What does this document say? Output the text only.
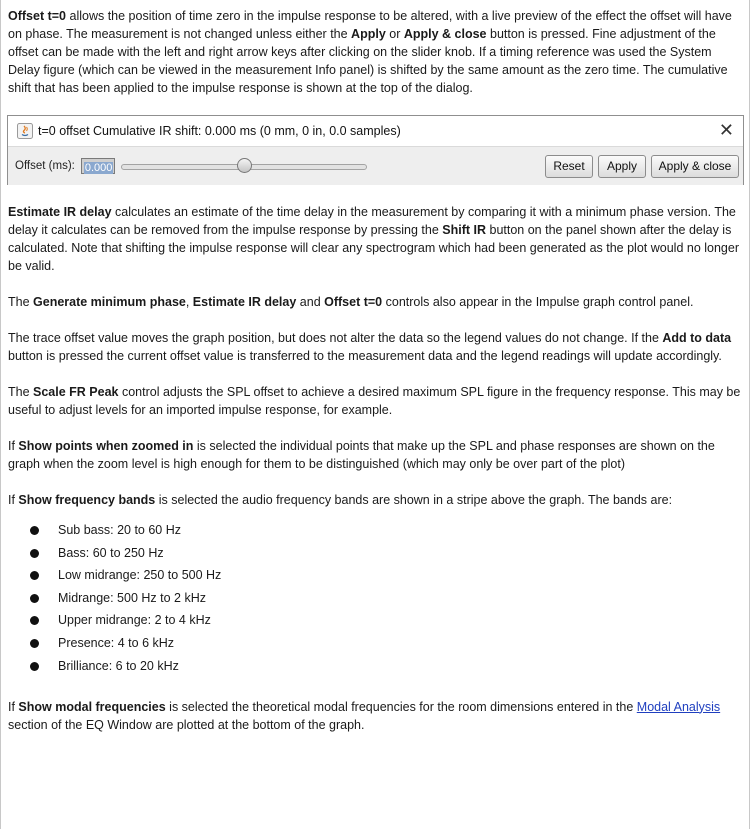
Offset t=0 allows the position of time zero in the impulse response to be altered, with a live preview of the effect the offset will have on phase. The measurement is not changed unless either the Apply or Apply & close button is pressed. Fine adjustment of the offset can be made with the left and right arrow keys after clicking on the slider knob. If a timing reference was used the System Delay figure (which can be viewed in the measurement Info panel) is shifted by the same amount as the zero time. The cumulative shift that has been applied to the impulse response is shown at the top of the dialog.

t=0 offset Cumulative IR shift: 0.000 ms (0 mm, 0 in, 0.0 samples)	✕
Offset (ms): 0.000	Reset	Apply	Apply & close

Estimate IR delay calculates an estimate of the time delay in the measurement by comparing it with a minimum phase version. The delay it calculates can be removed from the impulse response by pressing the Shift IR button on the panel shown after the delay is calculated. Note that shifting the impulse response will clear any spectrogram which had been generated as the plot would no longer be valid.

The Generate minimum phase, Estimate IR delay and Offset t=0 controls also appear in the Impulse graph control panel.

The trace offset value moves the graph position, but does not alter the data so the legend values do not change. If the Add to data button is pressed the current offset value is transferred to the measurement data and the legend readings will update accordingly.

The Scale FR Peak control adjusts the SPL offset to achieve a desired maximum SPL figure in the frequency response. This may be useful to adjust levels for an imported impulse response, for example.

If Show points when zoomed in is selected the individual points that make up the SPL and phase responses are shown on the graph when the zoom level is high enough for them to be distinguished (which may only be over part of the plot)

If Show frequency bands is selected the audio frequency bands are shown in a stripe above the graph. The bands are:

Sub bass: 20 to 60 Hz
Bass: 60 to 250 Hz
Low midrange: 250 to 500 Hz
Midrange: 500 Hz to 2 kHz
Upper midrange: 2 to 4 kHz
Presence: 4 to 6 kHz
Brilliance: 6 to 20 kHz

If Show modal frequencies is selected the theoretical modal frequencies for the room dimensions entered in the Modal Analysis section of the EQ Window are plotted at the bottom of the graph.
